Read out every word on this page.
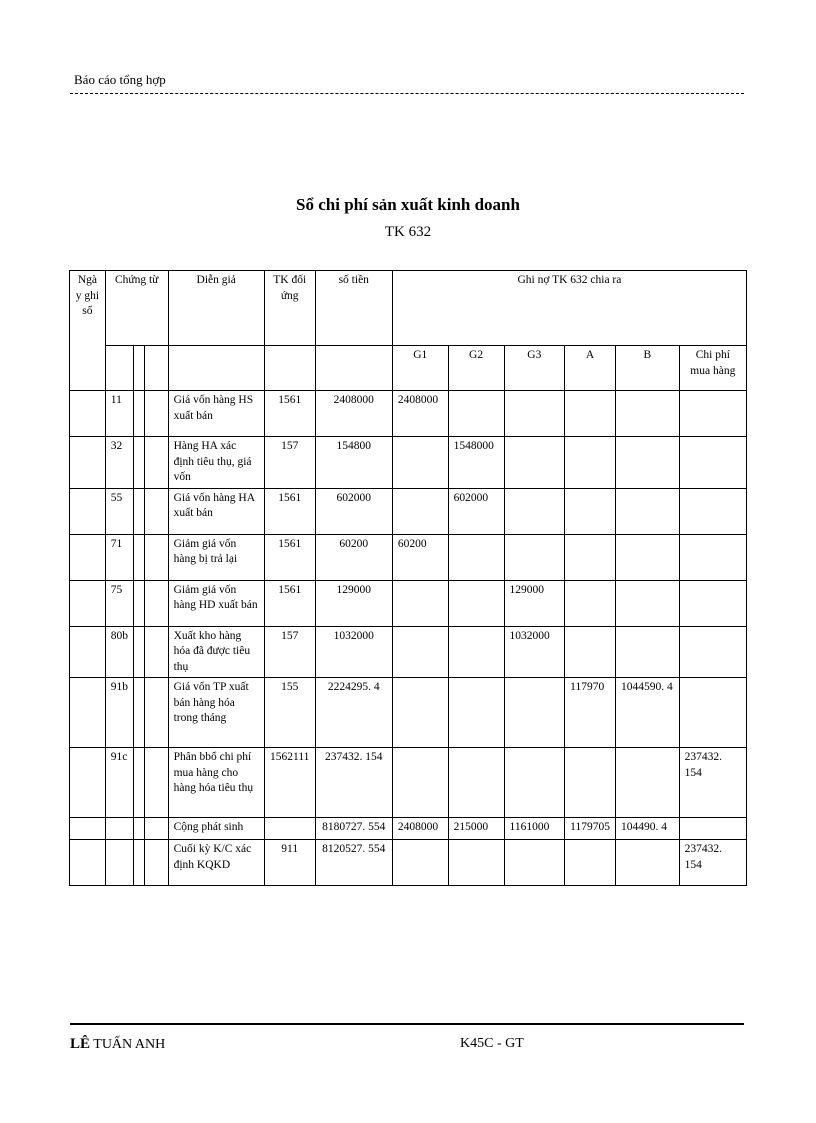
Báo cáo tổng hợp
Sổ chi phí sản xuất kinh doanh
TK 632
Ngà y ghi sổ	Chứng từ			Diễn giả	TK đối ứng	số tiền	Ghi nợ TK 632 chia ra					
							G1	G2	G3	A	B	Chi phí mua hàng
	11			Giá vốn hàng HS xuất bán	1561	2408000	2408000					
	32			Hàng HA xác định tiêu thụ, giá vốn	157	154800		1548000				
	55			Giá vốn hàng HA xuất bán	1561	602000		602000				
	71			Giảm giá vốn hàng bị trả lại	1561	60200	60200					
	75			Giảm giá vốn hàng HD xuất bán	1561	129000			129000			
	80b			Xuất kho hàng hóa đã được tiêu thụ	157	1032000			1032000			
	91b			Giá vốn TP xuất bán hàng hóa trong tháng	155	2224295. 4				117970	1044590. 4	
	91c			Phân bbổ chi phí mua hàng cho hàng hóa tiêu thụ	1562111	237432. 154						237432. 154
				Cộng phát sinh		8180727. 554	2408000	215000	1161000	1179705	104490. 4	
				Cuối kỳ K/C xác định KQKD	911	8120527. 554						237432. 154
LÊ TUẤN ANH	K45C - GT
